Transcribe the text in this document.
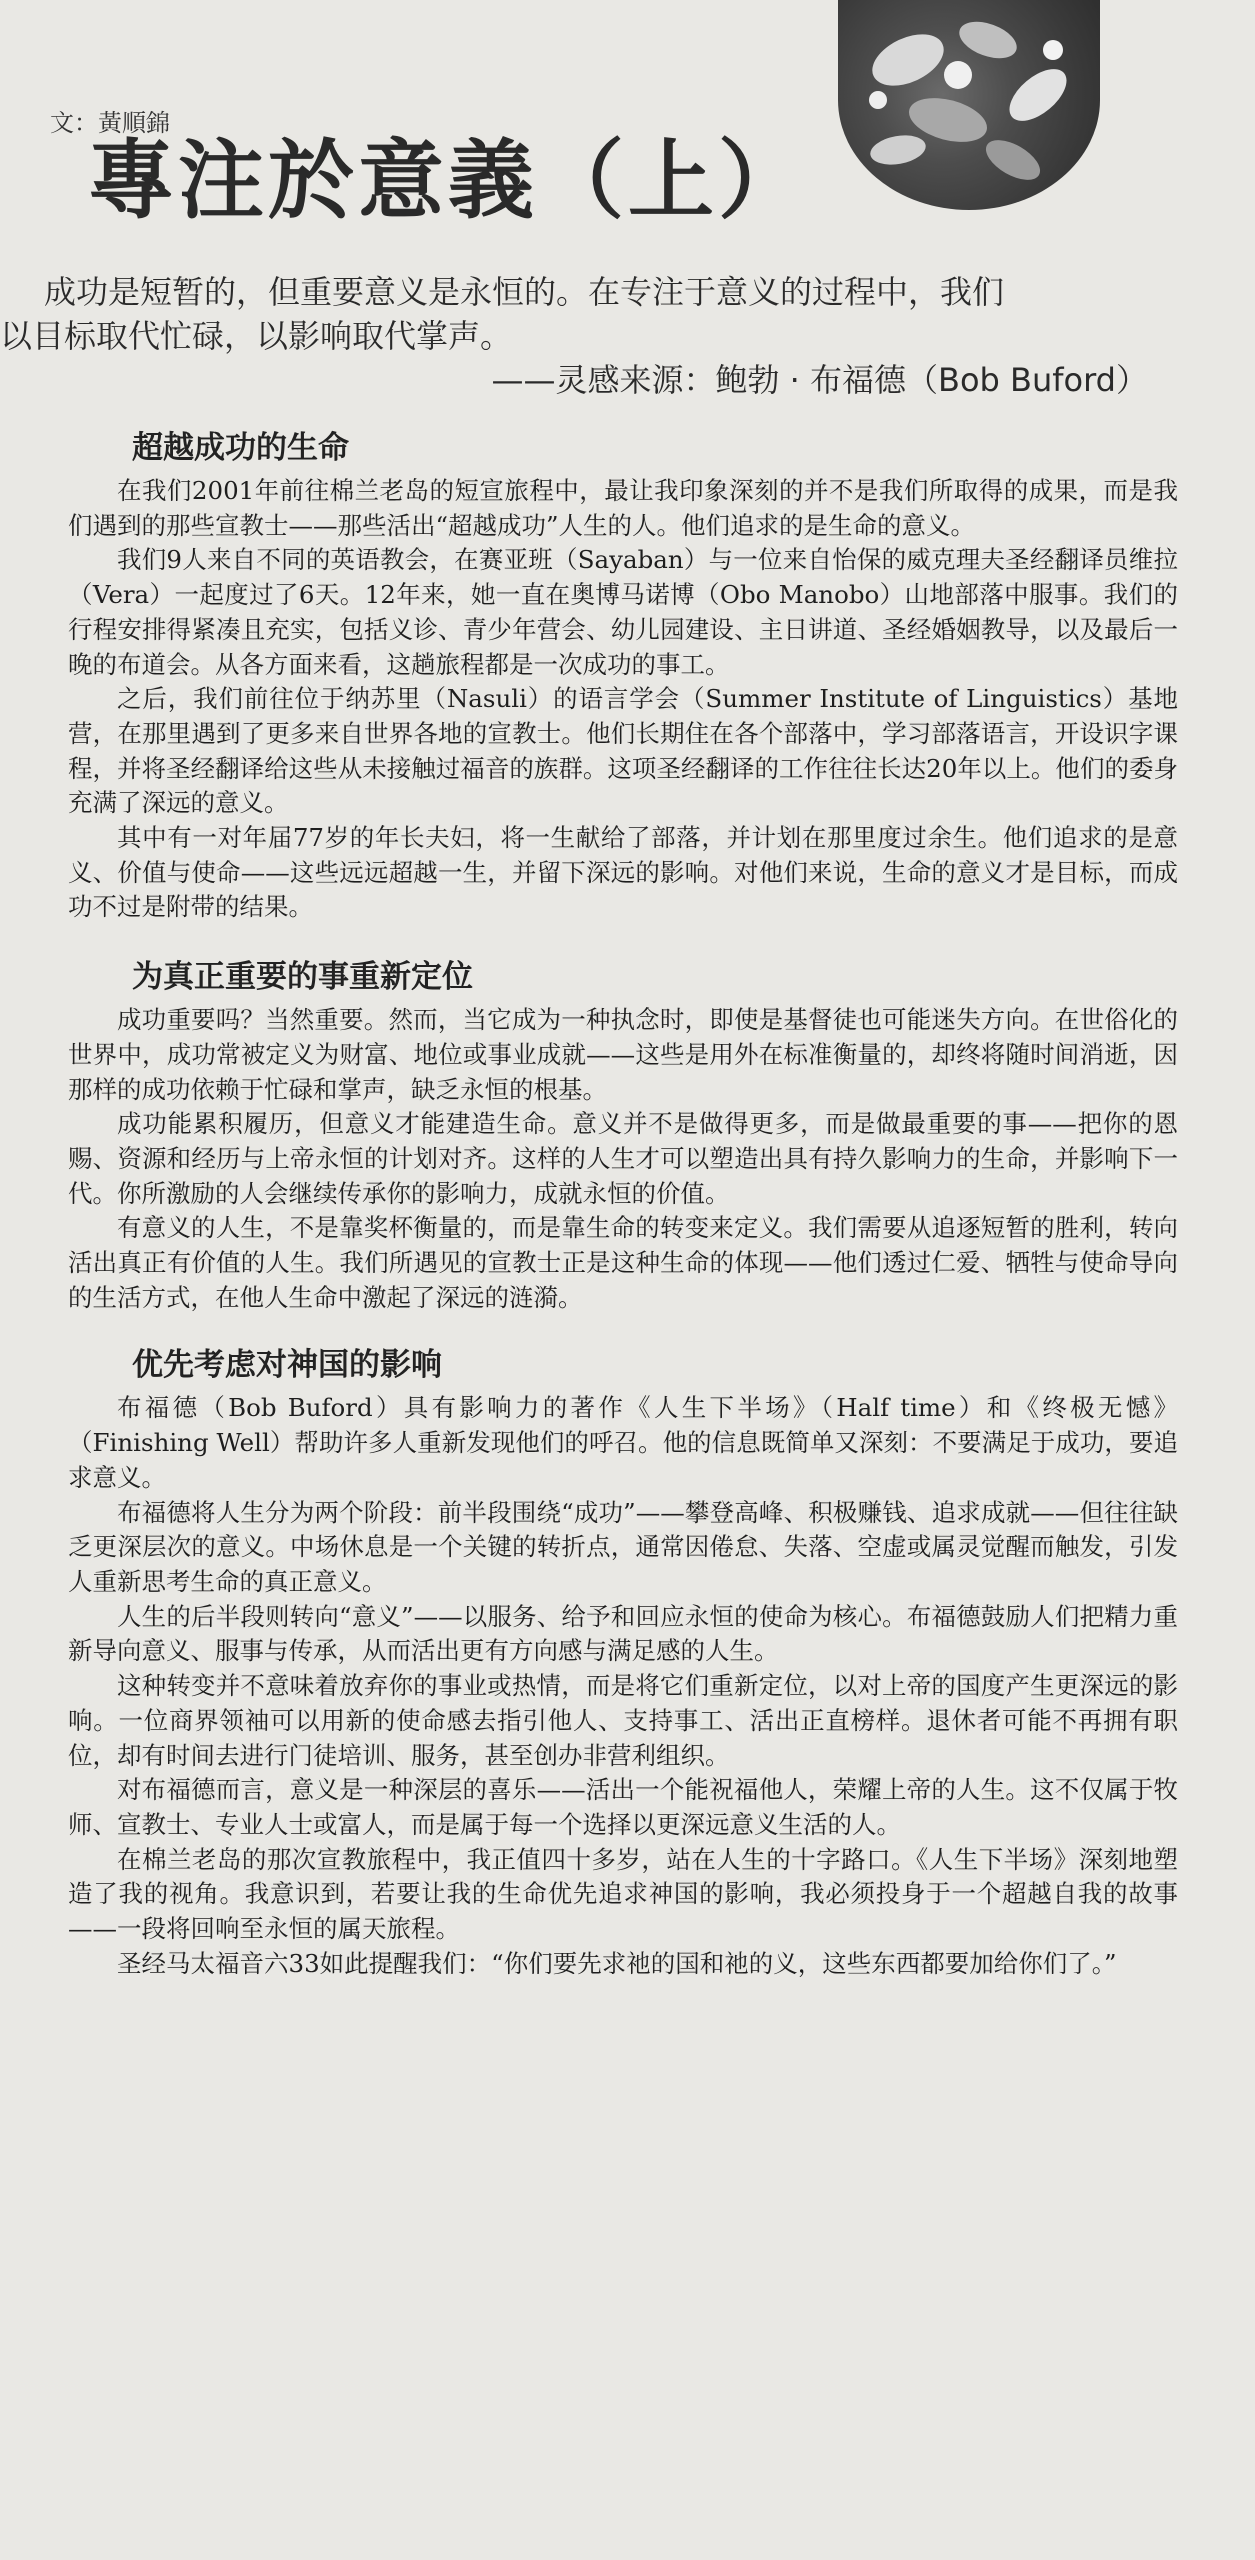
文：黃順錦
專注於意義（上）

成功是短暂的，但重要意义是永恒的。在专注于意义的过程中，我们

以目标取代忙碌，以影响取代掌声。

——灵感来源：鲍勃 · 布福德（Bob Buford）

超越成功的生命

在我们2001年前往棉兰老岛的短宣旅程中，最让我印象深刻的并不是我们所取得的成果，而是我们遇到的那些宣教士——那些活出“超越成功”人生的人。他们追求的是生命的意义。

我们9人来自不同的英语教会，在赛亚班（Sayaban）与一位来自怡保的威克理夫圣经翻译员维拉（Vera）一起度过了6天。12年来，她一直在奥博马诺博（Obo Manobo）山地部落中服事。我们的行程安排得紧凑且充实，包括义诊、青少年营会、幼儿园建设、主日讲道、圣经婚姻教导，以及最后一晚的布道会。从各方面来看，这趟旅程都是一次成功的事工。

之后，我们前往位于纳苏里（Nasuli）的语言学会（Summer Institute of Linguistics）基地营，在那里遇到了更多来自世界各地的宣教士。他们长期住在各个部落中，学习部落语言，开设识字课程，并将圣经翻译给这些从未接触过福音的族群。这项圣经翻译的工作往往长达20年以上。他们的委身充满了深远的意义。

其中有一对年届77岁的年长夫妇，将一生献给了部落，并计划在那里度过余生。他们追求的是意义、价值与使命——这些远远超越一生，并留下深远的影响。对他们来说，生命的意义才是目标，而成功不过是附带的结果。

为真正重要的事重新定位

成功重要吗？当然重要。然而，当它成为一种执念时，即使是基督徒也可能迷失方向。在世俗化的世界中，成功常被定义为财富、地位或事业成就——这些是用外在标准衡量的，却终将随时间消逝，因那样的成功依赖于忙碌和掌声，缺乏永恒的根基。

成功能累积履历，但意义才能建造生命。意义并不是做得更多，而是做最重要的事——把你的恩赐、资源和经历与上帝永恒的计划对齐。这样的人生才可以塑造出具有持久影响力的生命，并影响下一代。你所激励的人会继续传承你的影响力，成就永恒的价值。

有意义的人生，不是靠奖杯衡量的，而是靠生命的转变来定义。我们需要从追逐短暂的胜利，转向活出真正有价值的人生。我们所遇见的宣教士正是这种生命的体现——他们透过仁爱、牺牲与使命导向的生活方式，在他人生命中激起了深远的涟漪。

优先考虑对神国的影响

布福德（Bob Buford）具有影响力的著作《人生下半场》（Half time）和《终极无憾》（Finishing Well）帮助许多人重新发现他们的呼召。他的信息既简单又深刻：不要满足于成功，要追求意义。

布福德将人生分为两个阶段：前半段围绕“成功”——攀登高峰、积极赚钱、追求成就——但往往缺乏更深层次的意义。中场休息是一个关键的转折点，通常因倦怠、失落、空虚或属灵觉醒而触发，引发人重新思考生命的真正意义。

人生的后半段则转向“意义”——以服务、给予和回应永恒的使命为核心。布福德鼓励人们把精力重新导向意义、服事与传承，从而活出更有方向感与满足感的人生。

这种转变并不意味着放弃你的事业或热情，而是将它们重新定位，以对上帝的国度产生更深远的影响。一位商界领袖可以用新的使命感去指引他人、支持事工、活出正直榜样。退休者可能不再拥有职位，却有时间去进行门徒培训、服务，甚至创办非营利组织。

对布福德而言，意义是一种深层的喜乐——活出一个能祝福他人，荣耀上帝的人生。这不仅属于牧师、宣教士、专业人士或富人，而是属于每一个选择以更深远意义生活的人。

在棉兰老岛的那次宣教旅程中，我正值四十多岁，站在人生的十字路口。《人生下半场》深刻地塑造了我的视角。我意识到，若要让我的生命优先追求神国的影响，我必须投身于一个超越自我的故事——一段将回响至永恒的属天旅程。

圣经马太福音六33如此提醒我们：“你们要先求祂的国和祂的义，这些东西都要加给你们了。”
